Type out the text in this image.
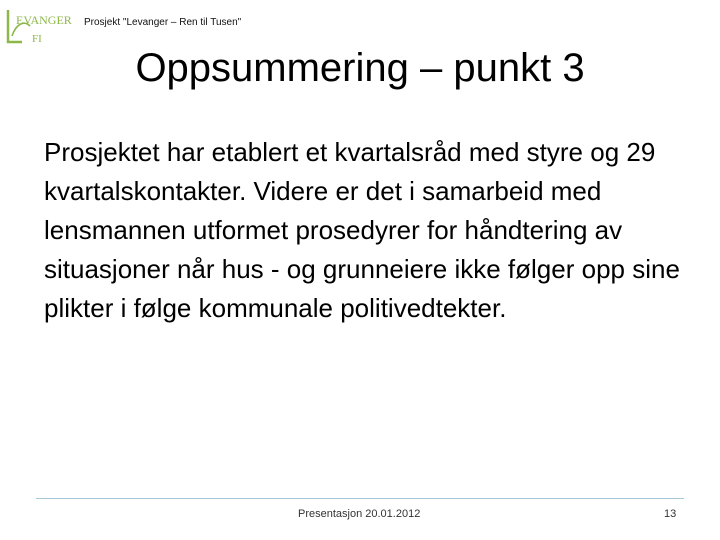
EVANGER
FI
Prosjekt "Levanger – Ren til Tusen"
Oppsummering – punkt 3
Prosjektet har etablert et kvartalsråd med styre og 29 kvartalskontakter. Videre er det i samarbeid med lensmannen utformet prosedyrer for håndtering av situasjoner når hus - og grunneiere ikke følger opp sine plikter i følge kommunale politivedtekter.
Presentasjon 20.01.2012	13
